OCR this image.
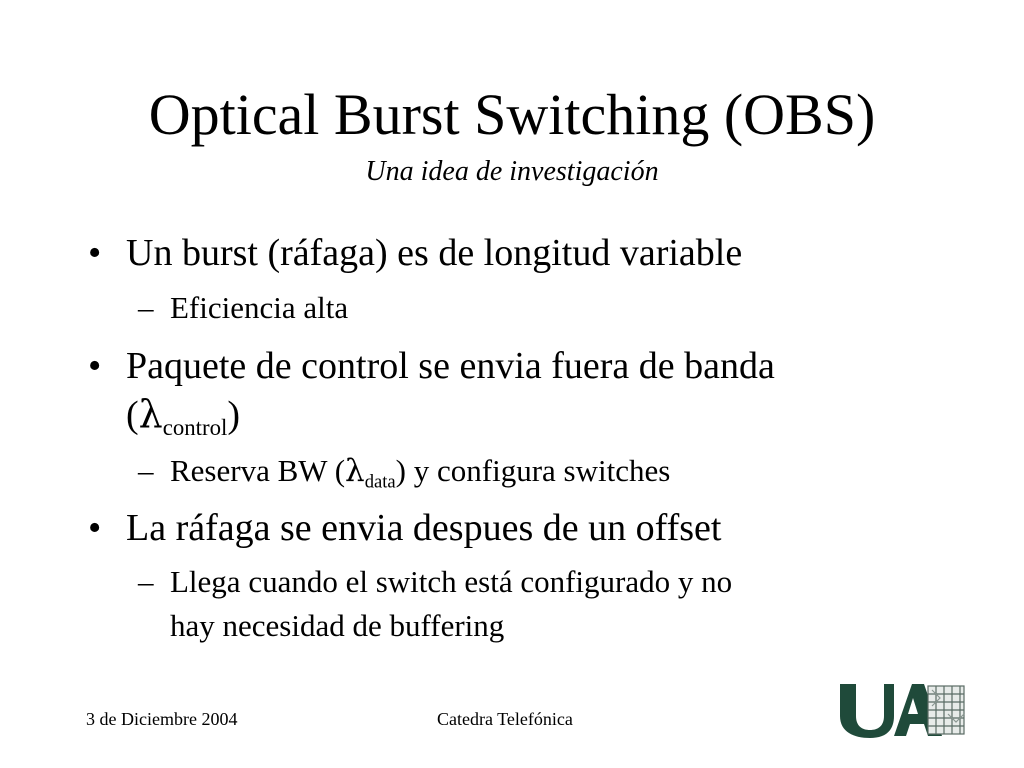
Optical Burst Switching (OBS)

Una idea de investigación

• Un burst (ráfaga) es de longitud variable
– Eficiencia alta
• Paquete de control se envia fuera de banda
$(\lambda_{control})$
– Reserva BW $(\lambda_{data})$ y configura switches
• La ráfaga se envia despues de un offset
– Llega cuando el switch está configurado y no
hay necesidad de buffering
3 de Diciembre 2004	Catedra Telefónica
